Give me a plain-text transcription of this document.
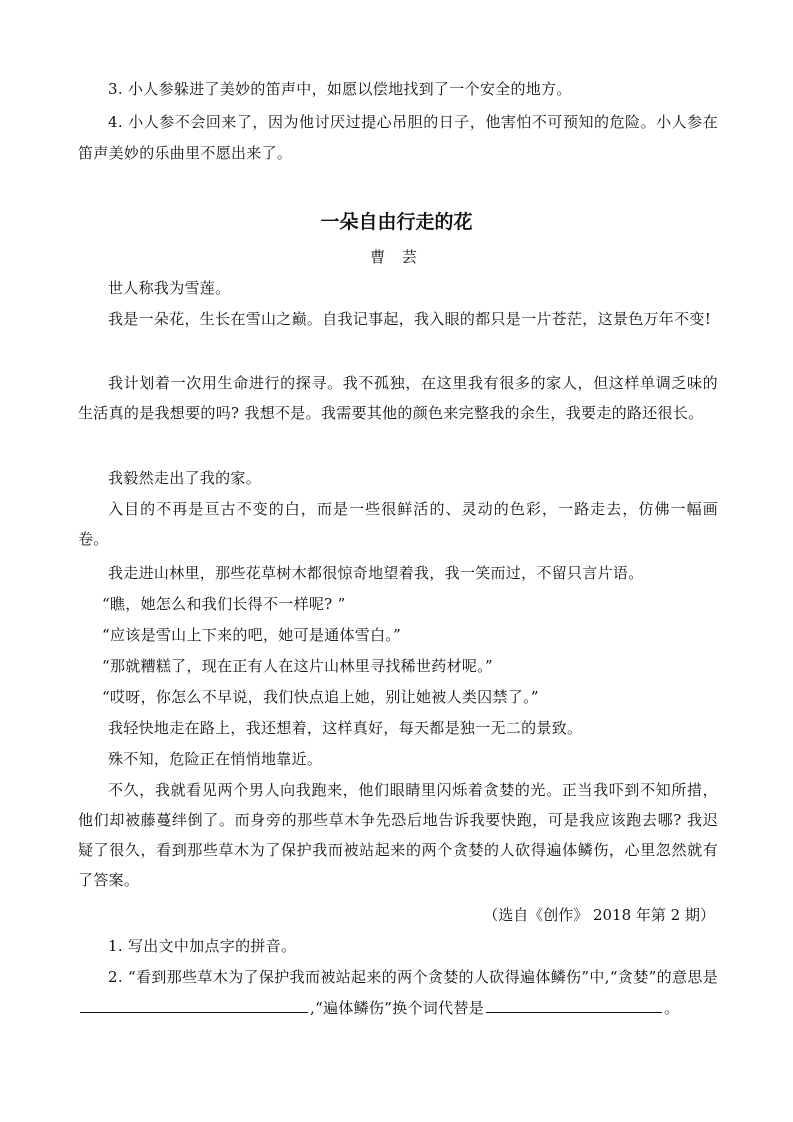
3. 小人参躲进了美妙的笛声中，如愿以偿地找到了一个安全的地方。

4. 小人参不会回来了，因为他讨厌过提心吊胆的日子，他害怕不可预知的危险。小人参在笛声美妙的乐曲里不愿出来了。

一朵自由行走的花

曹 芸

世人称我为雪莲。

我是一朵花，生长在雪山之巅。自我记事起，我入眼的都只是一片苍茫，这景色万年不变!

我计划着一次用生命进行的探寻。我不孤独，在这里我有很多的家人，但这样单调乏味的生活真的是我想要的吗? 我想不是。我需要其他的颜色来完整我的余生，我要走的路还很长。

我毅然走出了我的家。

入目的不再是亘古不变的白，而是一些很鲜活的、灵动的色彩，一路走去，仿佛一幅画卷。

我走进山林里，那些花草树木都很惊奇地望着我，我一笑而过，不留只言片语。

“瞧，她怎么和我们长得不一样呢? ”

“应该是雪山上下来的吧，她可是通体雪白。”

“那就糟糕了，现在正有人在这片山林里寻找稀世药材呢。”

“哎呀，你怎么不早说，我们快点追上她，别让她被人类囚禁了。”

我轻快地走在路上，我还想着，这样真好，每天都是独一无二的景致。

殊不知，危险正在悄悄地靠近。

不久，我就看见两个男人向我跑来，他们眼睛里闪烁着贪婪的光。正当我吓到不知所措，他们却被藤蔓绊倒了。而身旁的那些草木争先恐后地告诉我要快跑，可是我应该跑去哪? 我迟疑了很久，看到那些草木为了保护我而被站起来的两个贪婪的人砍得遍体鳞伤，心里忽然就有了答案。

（选自《创作》 2018 年第 2 期）

1. 写出文中加点字的拼音。

2. “看到那些草木为了保护我而被站起来的两个贪婪的人砍得遍体鳞伤”中,“贪婪”的意思是,“遍体鳞伤”换个词代替是	。
